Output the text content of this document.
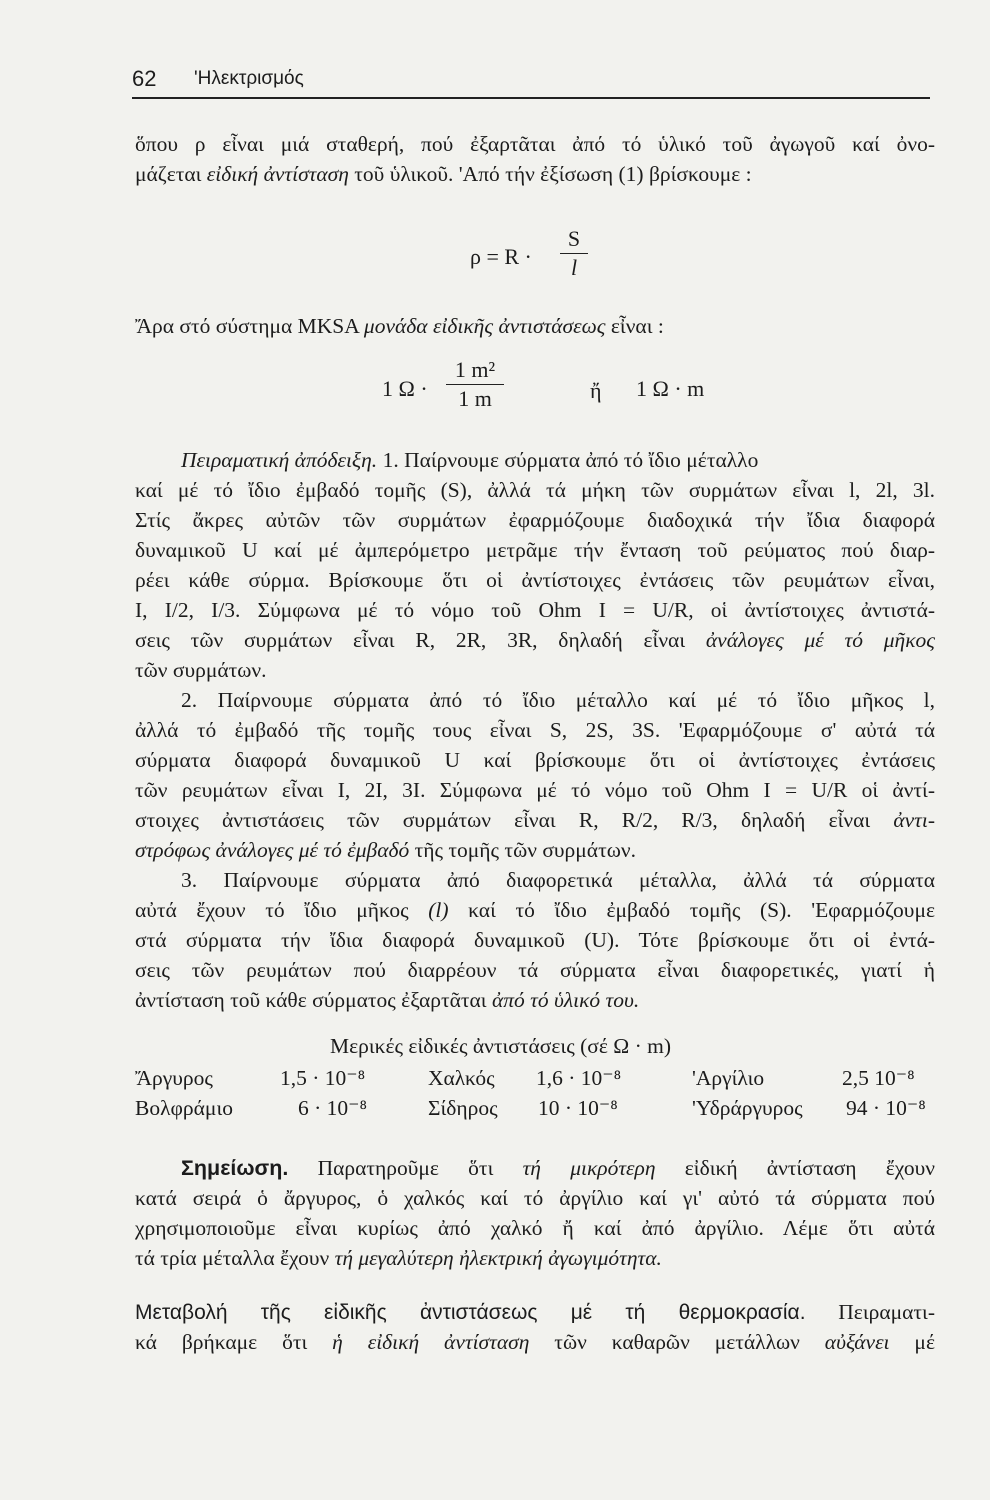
62 'Ηλεκτρισμός
ὅπου ρ εἶναι μιά σταθερή, πού ἐξαρτᾶται ἀπό τό ὑλικό τοῦ ἀγωγοῦ καί ὀνο-
μάζεται εἰδική ἀντίσταση τοῦ ὑλικοῦ. 'Από τήν ἐξίσωση (1) βρίσκουμε :
ρ = R ·
S
l
Ἄρα στό σύστημα MKSA μονάδα εἰδικῆς ἀντιστάσεως εἶναι :
1 Ω ·
1 m²
1 m	ἤ 1 Ω · m
Πειραματική ἀπόδειξη. 1. Παίρνουμε σύρματα ἀπό τό ἴδιο μέταλλο
καί μέ τό ἴδιο ἐμβαδό τομῆς (S), ἀλλά τά μήκη τῶν συρμάτων εἶναι l, 2l, 3l.
Στίς ἄκρες αὐτῶν τῶν συρμάτων ἐφαρμόζουμε διαδοχικά τήν ἴδια διαφορά
δυναμικοῦ U καί μέ ἀμπερόμετρο μετρᾶμε τήν ἔνταση τοῦ ρεύματος πού διαρ-
ρέει κάθε σύρμα. Βρίσκουμε ὅτι οἱ ἀντίστοιχες ἐντάσεις τῶν ρευμάτων εἶναι,
I, I/2, I/3. Σύμφωνα μέ τό νόμο τοῦ Ohm I = U/R, οἱ ἀντίστοιχες ἀντιστά-
σεις τῶν συρμάτων εἶναι R, 2R, 3R, δηλαδή εἶναι ἀνάλογες μέ τό μῆκος
τῶν συρμάτων.
2. Παίρνουμε σύρματα ἀπό τό ἴδιο μέταλλο καί μέ τό ἴδιο μῆκος l,
ἀλλά τό ἐμβαδό τῆς τομῆς τους εἶναι S, 2S, 3S. 'Εφαρμόζουμε σ' αὐτά τά
σύρματα διαφορά δυναμικοῦ U καί βρίσκουμε ὅτι οἱ ἀντίστοιχες ἐντάσεις
τῶν ρευμάτων εἶναι I, 2I, 3I. Σύμφωνα μέ τό νόμο τοῦ Ohm I = U/R οἱ ἀντί-
στοιχες ἀντιστάσεις τῶν συρμάτων εἶναι R, R/2, R/3, δηλαδή εἶναι ἀντι-
στρόφως ἀνάλογες μέ τό ἐμβαδό τῆς τομῆς τῶν συρμάτων.
3. Παίρνουμε σύρματα ἀπό διαφορετικά μέταλλα, ἀλλά τά σύρματα
αὐτά ἔχουν τό ἴδιο μῆκος (l) καί τό ἴδιο ἐμβαδό τομῆς (S). 'Εφαρμόζουμε
στά σύρματα τήν ἴδια διαφορά δυναμικοῦ (U). Τότε βρίσκουμε ὅτι οἱ ἐντά-
σεις τῶν ρευμάτων πού διαρρέουν τά σύρματα εἶναι διαφορετικές, γιατί ἡ
ἀντίσταση τοῦ κάθε σύρματος ἐξαρτᾶται ἀπό τό ὑλικό του.
Μερικές εἰδικές ἀντιστάσεις (σέ Ω · m)
Ἄργυρος	1,5 · 10⁻⁸	Χαλκός 1,6 · 10⁻⁸	'Αργίλιο	2,5 10⁻⁸
Βολφράμιο	6 · 10⁻⁸	Σίδηρος 10 · 10⁻⁸	'Υδράργυρος 94 · 10⁻⁸
Σημείωση. Παρατηροῦμε ὅτι τή μικρότερη εἰδική ἀντίσταση ἔχουν
κατά σειρά ὁ ἄργυρος, ὁ χαλκός καί τό ἀργίλιο καί γι' αὐτό τά σύρματα πού
χρησιμοποιοῦμε εἶναι κυρίως ἀπό χαλκό ἤ καί ἀπό ἀργίλιο. Λέμε ὅτι αὐτά
τά τρία μέταλλα ἔχουν τή μεγαλύτερη ἠλεκτρική ἀγωγιμότητα.
Μεταβολή τῆς εἰδικῆς ἀντιστάσεως μέ τή θερμοκρασία. Πειραματι-
κά βρήκαμε ὅτι ἡ εἰδική ἀντίσταση τῶν καθαρῶν μετάλλων αὐξάνει μέ
